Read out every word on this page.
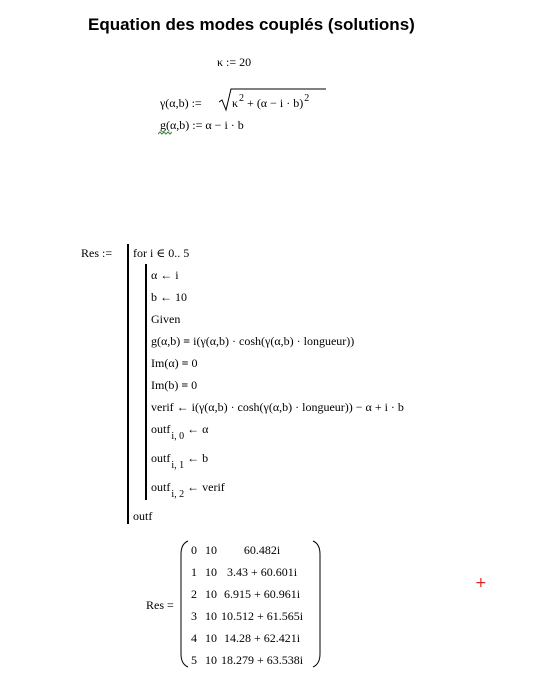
Equation des modes couplés (solutions)
κ := 20
γ(α,b) :=	$\kappa^2 + (\alpha - i \cdot b)^2$
g(α,b) := α − i · b
Res := for i ∈ 0.. 5
α ← i
b ← 10
Given
g(α,b) = i(γ(α,b) · cosh(γ(α,b) · longueur))
Im(α) = 0
Im(b) = 0
verif ← i(γ(α,b) · cosh(γ(α,b) · longueur)) − α + i · b
outf$_{i, 0}$ ← α
outf$_{i, 1}$ ← b
outf$_{i, 2}$ ← verif
outf
Res =
0 10 60.482i
1 10 3.43 + 60.601i
2 10 6.915 + 60.961i
3 10 10.512 + 61.565i
4 10 14.28 + 62.421i
5 10 18.279 + 63.538i
+
